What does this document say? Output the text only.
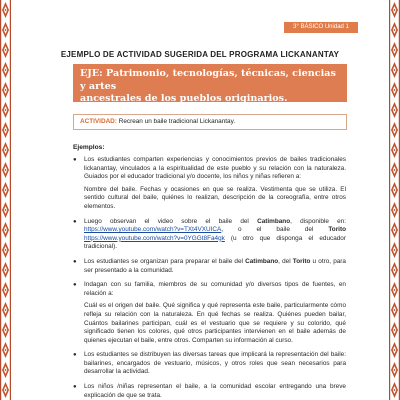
3° BÁSICO Unidad 1
EJEMPLO DE ACTIVIDAD SUGERIDA DEL PROGRAMA LICKANANTAY
EJE: Patrimonio, tecnologías, técnicas, ciencias y artes
ancestrales de los pueblos originarios.
ACTIVIDAD: Recrean un baile tradicional Lickanantay.
Ejemplos:
● Los estudiantes comparten experiencias y conocimientos previos de bailes tradicionales lickanantay, vinculados a la espiritualidad de este pueblo y su relación con la naturaleza. Guiados por el educador tradicional y/o docente, los niños y niñas refieren a:
Nombre del baile. Fechas y ocasiones en que se realiza. Vestimenta que se utiliza. El sentido cultural del baile, quiénes lo realizan, descripción de la coreografía, entre otros elementos.
● Luego observan el video sobre el baile del Catimbano, disponible en: https://www.youtube.com/watch?v=TXt4VXUICA, o el baile del Torito https://www.youtube.com/watch?v=0YGGt8Fa4gk (u otro que disponga el educador tradicional).
● Los estudiantes se organizan para preparar el baile del Catimbano, del Torito u otro, para ser presentado a la comunidad.
● Indagan con su familia, miembros de su comunidad y/o diversos tipos de fuentes, en relación a:
Cuál es el origen del baile. Qué significa y qué representa este baile, particularmente cómo refleja su relación con la naturaleza. En qué fechas se realiza. Quiénes pueden bailar, Cuántos bailarines participan, cuál es el vestuario que se requiere y su colorido, qué significado tienen los colores, qué otros participantes intervienen en el baile además de quienes ejecutan el baile, entre otros. Comparten su información al curso.
● Los estudiantes se distribuyen las diversas tareas que implicará la representación del baile: bailarines, encargados de vestuario, músicos, y otros roles que sean necesarios para desarrollar la actividad.
● Los niños /niñas representan el baile, a la comunidad escolar entregando una breve explicación de que se trata.
